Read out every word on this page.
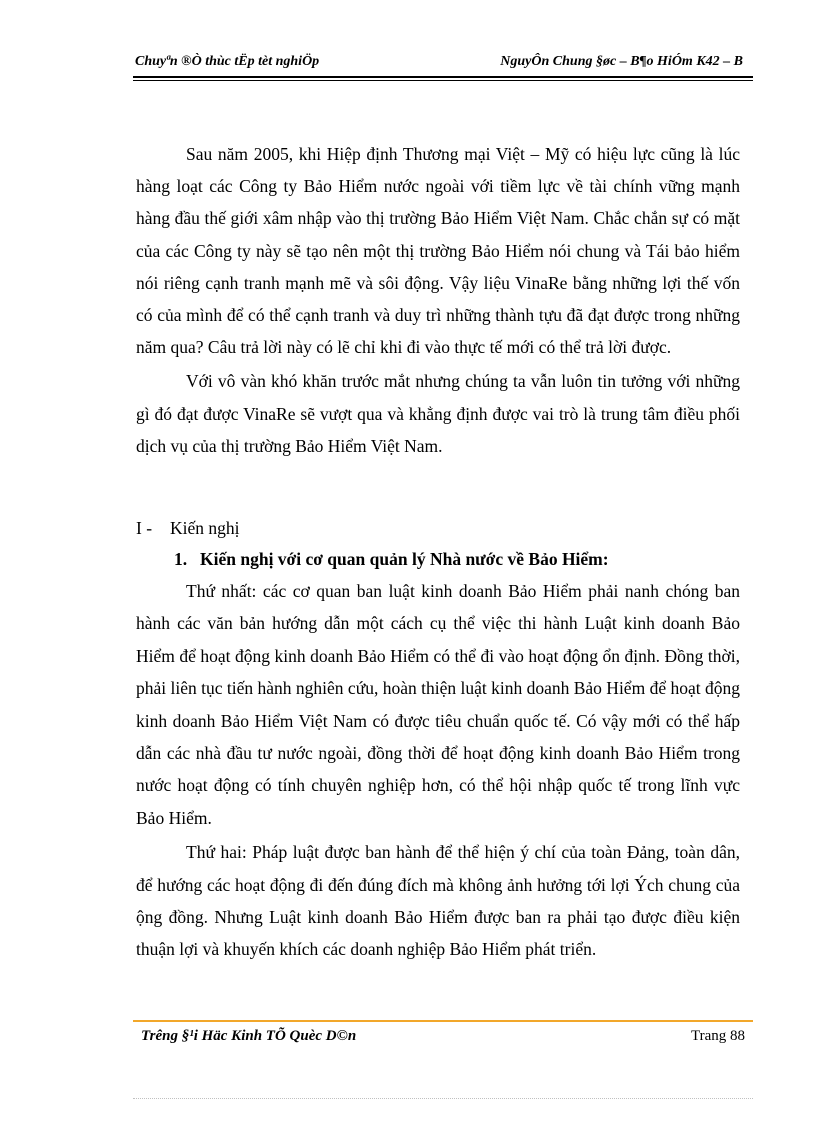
Chuyªn ®Ò thùc tËp tèt nghiÖp	NguyÔn Chung §øc – B¶o HiÓm K42 – B

Sau năm 2005, khi Hiệp định Thương mại Việt – Mỹ có hiệu lực cũng là lúc hàng loạt các Công ty Bảo Hiểm nước ngoài với tiềm lực về tài chính vững mạnh hàng đầu thế giới xâm nhập vào thị trường Bảo Hiểm Việt Nam. Chắc chắn sự có mặt của các Công ty này sẽ tạo nên một thị trường Bảo Hiểm nói chung và Tái bảo hiểm nói riêng cạnh tranh mạnh mẽ và sôi động. Vậy liệu VinaRe bằng những lợi thế vốn có của mình để có thể cạnh tranh và duy trì những thành tựu đã đạt được trong những năm qua? Câu trả lời này có lẽ chỉ khi đi vào thực tế mới có thể trả lời được.

Với vô vàn khó khăn trước mắt nhưng chúng ta vẫn luôn tin tưởng với những gì đó đạt được VinaRe sẽ vượt qua và khẳng định được vai trò là trung tâm điều phối dịch vụ của thị trường Bảo Hiểm Việt Nam.

I - Kiến nghị
1. Kiến nghị với cơ quan quản lý Nhà nước về Bảo Hiểm:

Thứ nhất: các cơ quan ban luật kinh doanh Bảo Hiểm phải nanh chóng ban hành các văn bản hướng dẫn một cách cụ thể việc thi hành Luật kinh doanh Bảo Hiểm để hoạt động kinh doanh Bảo Hiểm có thể đi vào hoạt động ổn định. Đồng thời, phải liên tục tiến hành nghiên cứu, hoàn thiện luật kinh doanh Bảo Hiểm để hoạt động kinh doanh Bảo Hiểm Việt Nam có được tiêu chuẩn quốc tế. Có vậy mới có thể hấp dẫn các nhà đầu tư nước ngoài, đồng thời để hoạt động kinh doanh Bảo Hiểm trong nước hoạt động có tính chuyên nghiệp hơn, có thể hội nhập quốc tế trong lĩnh vực Bảo Hiểm.

Thứ hai: Pháp luật được ban hành để thể hiện ý chí của toàn Đảng, toàn dân, để hướng các hoạt động đi đến đúng đích mà không ảnh hưởng tới lợi Ých chung của ộng đồng. Nhưng Luật kinh doanh Bảo Hiểm được ban ra phải tạo được điều kiện thuận lợi và khuyến khích các doanh nghiệp Bảo Hiểm phát triển.

Trêng §¹i Häc Kinh TÕ Quèc D©n	Trang 88
